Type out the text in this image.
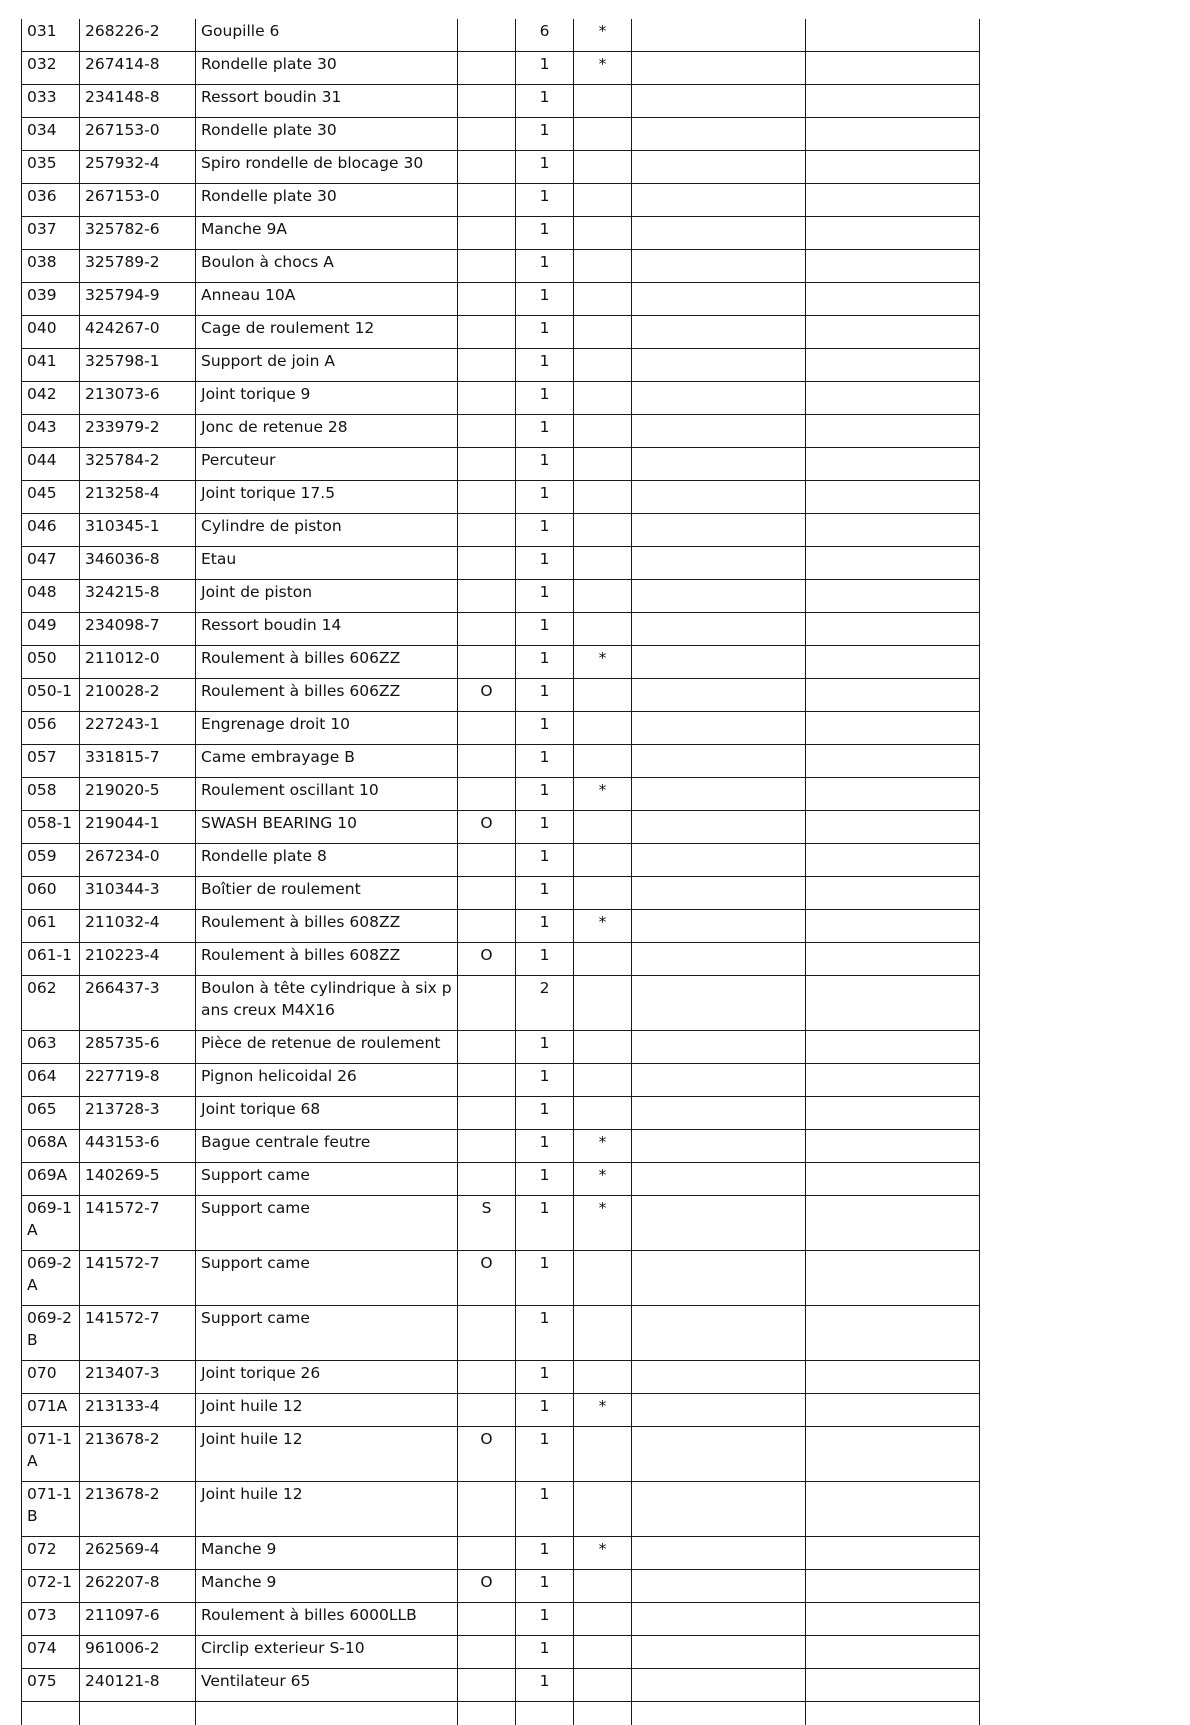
031	268226-2	Goupille 6		6	*		
032	267414-8	Rondelle plate 30		1	*		
033	234148-8	Ressort boudin 31		1			
034	267153-0	Rondelle plate 30		1			
035	257932-4	Spiro rondelle de blocage 30		1			
036	267153-0	Rondelle plate 30		1			
037	325782-6	Manche 9A		1			
038	325789-2	Boulon à chocs A		1			
039	325794-9	Anneau 10A		1			
040	424267-0	Cage de roulement 12		1			
041	325798-1	Support de join A		1			
042	213073-6	Joint torique 9		1			
043	233979-2	Jonc de retenue 28		1			
044	325784-2	Percuteur		1			
045	213258-4	Joint torique 17.5		1			
046	310345-1	Cylindre de piston		1			
047	346036-8	Etau		1			
048	324215-8	Joint de piston		1			
049	234098-7	Ressort boudin 14		1			
050	211012-0	Roulement à billes 606ZZ		1	*		
050-1	210028-2	Roulement à billes 606ZZ	O	1			
056	227243-1	Engrenage droit 10		1			
057	331815-7	Came embrayage B		1			
058	219020-5	Roulement oscillant 10		1	*		
058-1	219044-1	SWASH BEARING 10	O	1			
059	267234-0	Rondelle plate 8		1			
060	310344-3	Boîtier de roulement		1			
061	211032-4	Roulement à billes 608ZZ		1	*		
061-1	210223-4	Roulement à billes 608ZZ	O	1			
062	266437-3	Boulon à tête cylindrique à six pans creux M4X16		2			
063	285735-6	Pièce de retenue de roulement		1			
064	227719-8	Pignon helicoidal 26		1			
065	213728-3	Joint torique 68		1			
068A	443153-6	Bague centrale feutre		1	*		
069A	140269-5	Support came		1	*		
069-1A	141572-7	Support came	S	1	*		
069-2A	141572-7	Support came	O	1			
069-2B	141572-7	Support came		1			
070	213407-3	Joint torique 26		1			
071A	213133-4	Joint huile 12		1	*		
071-1A	213678-2	Joint huile 12	O	1			
071-1B	213678-2	Joint huile 12		1			
072	262569-4	Manche 9		1	*		
072-1	262207-8	Manche 9	O	1			
073	211097-6	Roulement à billes 6000LLB		1			
074	961006-2	Circlip exterieur S-10		1			
075	240121-8	Ventilateur 65		1			
